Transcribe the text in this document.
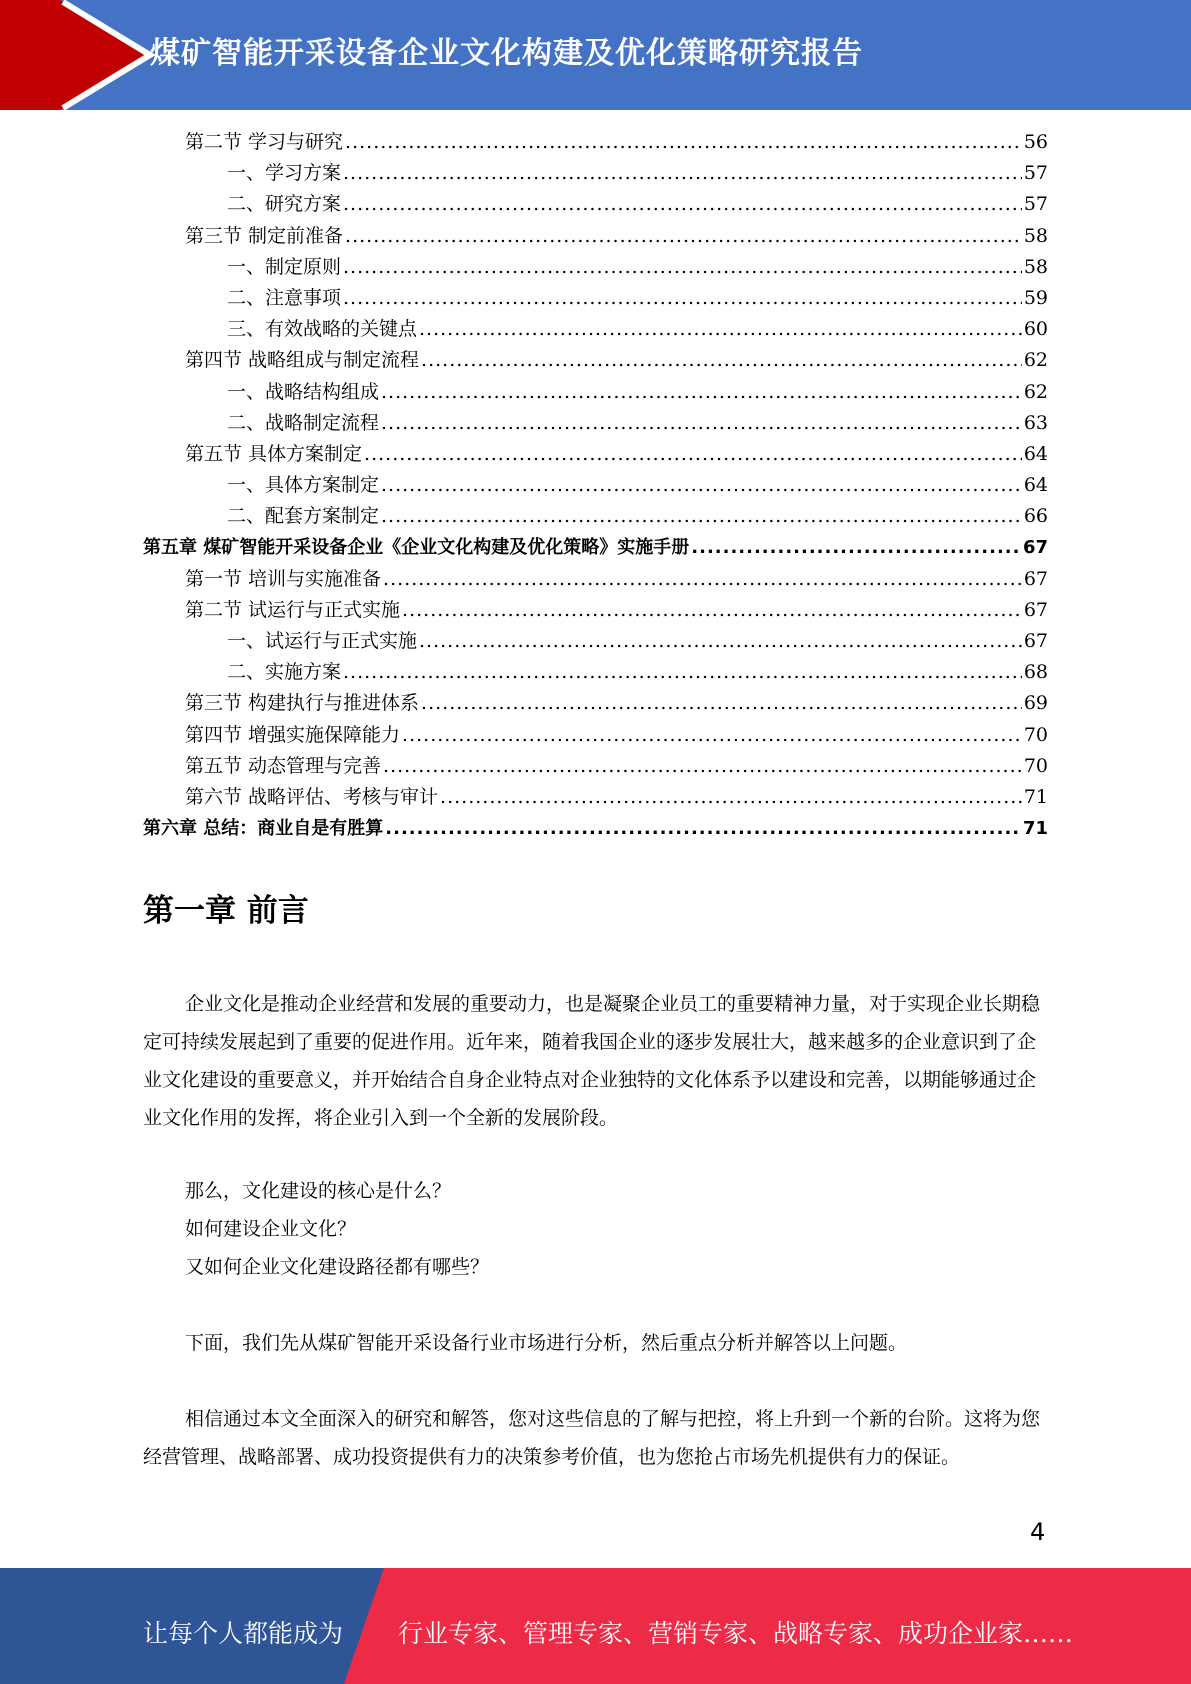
煤矿智能开采设备企业文化构建及优化策略研究报告
第二节 学习与研究 .....	56
一、学习方案 .....	57
二、研究方案 .....	57
第三节 制定前准备 .....	58
一、制定原则 .....	58
二、注意事项 .....	59
三、有效战略的关键点 .....	60
第四节 战略组成与制定流程 .....	62
一、战略结构组成 .....	62
二、战略制定流程 .....	63
第五节 具体方案制定 .....	64
一、具体方案制定 .....	64
二、配套方案制定 .....	66
第五章 煤矿智能开采设备企业《企业文化构建及优化策略》实施手册 .....	67
第一节 培训与实施准备 .....	67
第二节 试运行与正式实施 .....	67
一、试运行与正式实施 .....	67
二、实施方案 .....	68
第三节 构建执行与推进体系 .....	69
第四节 增强实施保障能力 .....	70
第五节 动态管理与完善 .....	70
第六节 战略评估、考核与审计 .....	71
第六章 总结：商业自是有胜算 .....	71
第一章 前言

企业文化是推动企业经营和发展的重要动力，也是凝聚企业员工的重要精神力量，对于实现企业长期稳定可持续发展起到了重要的促进作用。近年来，随着我国企业的逐步发展壮大，越来越多的企业意识到了企业文化建设的重要意义，并开始结合自身企业特点对企业独特的文化体系予以建设和完善，以期能够通过企业文化作用的发挥，将企业引入到一个全新的发展阶段。

那么，文化建设的核心是什么？

如何建设企业文化？

又如何企业文化建设路径都有哪些？

下面，我们先从煤矿智能开采设备行业市场进行分析，然后重点分析并解答以上问题。

相信通过本文全面深入的研究和解答，您对这些信息的了解与把控，将上升到一个新的台阶。这将为您经营管理、战略部署、成功投资提供有力的决策参考价值，也为您抢占市场先机提供有力的保证。

4
让每个人都能成为 行业专家、管理专家、营销专家、战略专家、成功企业家……
